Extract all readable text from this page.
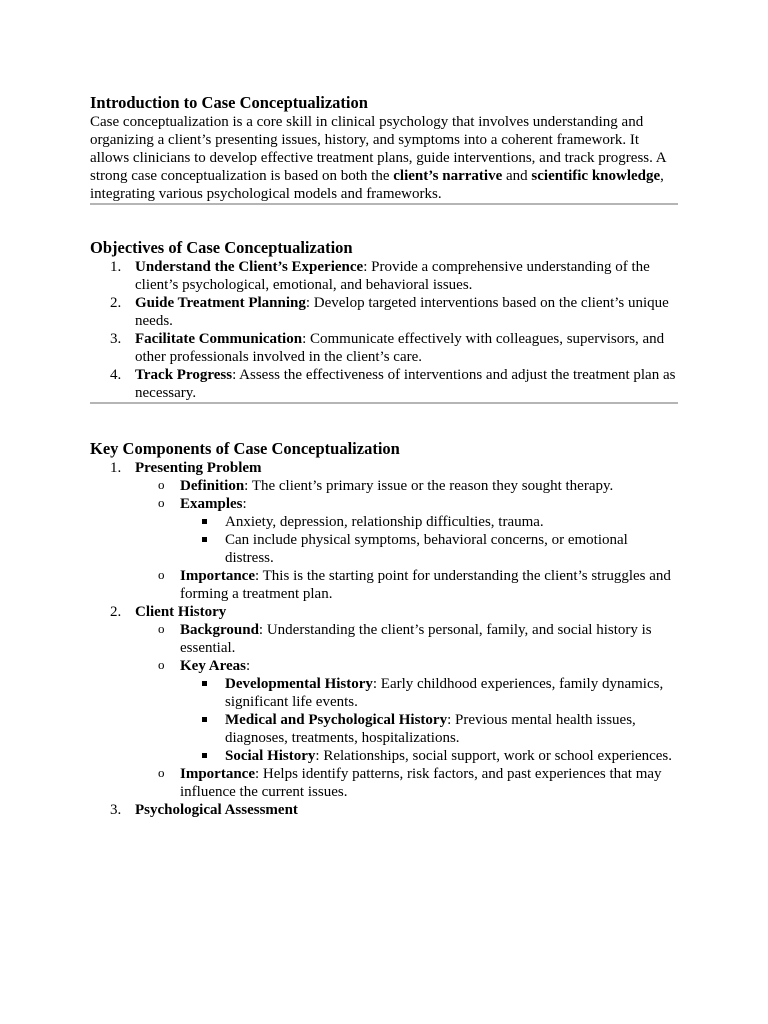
Introduction to Case Conceptualization

Case conceptualization is a core skill in clinical psychology that involves understanding and organizing a client’s presenting issues, history, and symptoms into a coherent framework. It allows clinicians to develop effective treatment plans, guide interventions, and track progress. A strong case conceptualization is based on both the client’s narrative and scientific knowledge, integrating various psychological models and frameworks.

Objectives of Case Conceptualization
1. Understand the Client’s Experience: Provide a comprehensive understanding of the client’s psychological, emotional, and behavioral issues.
2. Guide Treatment Planning: Develop targeted interventions based on the client’s unique needs.
3. Facilitate Communication: Communicate effectively with colleagues, supervisors, and other professionals involved in the client’s care.
4. Track Progress: Assess the effectiveness of interventions and adjust the treatment plan as necessary.
Key Components of Case Conceptualization
1. Presenting Problem
o Definition: The client’s primary issue or the reason they sought therapy.
o Examples:
Anxiety, depression, relationship difficulties, trauma.
Can include physical symptoms, behavioral concerns, or emotional distress.
o Importance: This is the starting point for understanding the client’s struggles and forming a treatment plan.
2. Client History
o Background: Understanding the client’s personal, family, and social history is essential.
o Key Areas:
Developmental History: Early childhood experiences, family dynamics, significant life events.
Medical and Psychological History: Previous mental health issues, diagnoses, treatments, hospitalizations.
Social History: Relationships, social support, work or school experiences.
o Importance: Helps identify patterns, risk factors, and past experiences that may influence the current issues.
3. Psychological Assessment
